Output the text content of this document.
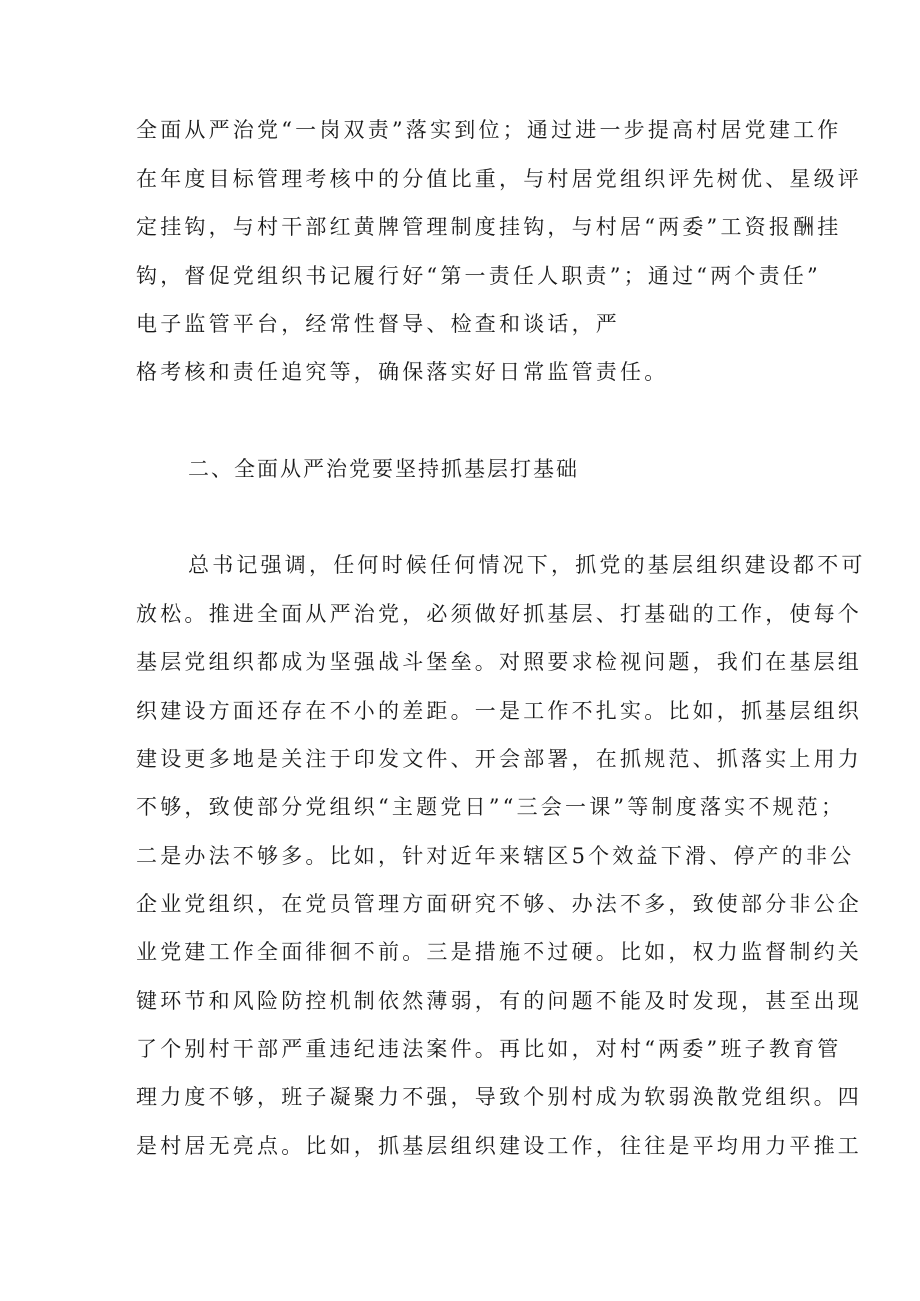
全面从严治党“一岗双责”落实到位；通过进一步提高村居党建工作
在年度目标管理考核中的分值比重，与村居党组织评先树优、星级评
定挂钩，与村干部红黄牌管理制度挂钩，与村居“两委”工资报酬挂
钩，督促党组织书记履行好“第一责任人职责”；通过“两个责任”
电子监管平台，经常性督导、检查和谈话，严
格考核和责任追究等，确保落实好日常监管责任。
二、全面从严治党要坚持抓基层打基础
总书记强调，任何时候任何情况下，抓党的基层组织建设都不可
放松。推进全面从严治党，必须做好抓基层、打基础的工作，使每个
基层党组织都成为坚强战斗堡垒。对照要求检视问题，我们在基层组
织建设方面还存在不小的差距。一是工作不扎实。比如，抓基层组织
建设更多地是关注于印发文件、开会部署，在抓规范、抓落实上用力
不够，致使部分党组织“主题党日”“三会一课”等制度落实不规范；
二是办法不够多。比如，针对近年来辖区5个效益下滑、停产的非公
企业党组织，在党员管理方面研究不够、办法不多，致使部分非公企
业党建工作全面徘徊不前。三是措施不过硬。比如，权力监督制约关
键环节和风险防控机制依然薄弱，有的问题不能及时发现，甚至出现
了个别村干部严重违纪违法案件。再比如，对村“两委”班子教育管
理力度不够，班子凝聚力不强，导致个别村成为软弱涣散党组织。四
是村居无亮点。比如，抓基层组织建设工作，往往是平均用力平推工
